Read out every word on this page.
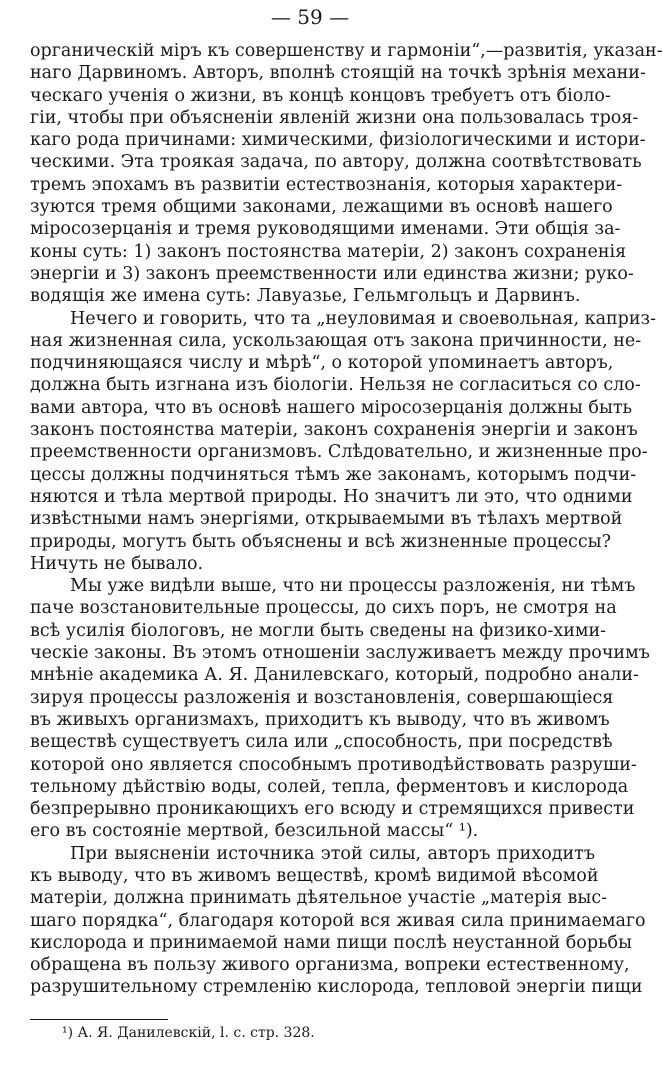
— 59 —
органическій міръ къ совершенству и гармоніи“,—развитія, указан-
наго Дарвиномъ. Авторъ, вполнѣ стоящій на точкѣ зрѣнія механи-
ческаго ученія о жизни, въ концѣ концовъ требуетъ отъ біоло-
гіи, чтобы при объясненіи явленій жизни она пользовалась троя-
каго рода причинами: химическими, физіологическими и истори-
ческими. Эта троякая задача, по автору, должна соотвѣтствовать
тремъ эпохамъ въ развитіи естествознанія, которыя характери-
зуются тремя общими законами, лежащими въ основѣ нашего
міросозерцанія и тремя руководящими именами. Эти общія за-
коны суть: 1) законъ постоянства матеріи, 2) законъ сохраненія
энергіи и 3) законъ преемственности или единства жизни; руко-
водящія же имена суть: Лавуазье, Гельмгольцъ и Дарвинъ.
Нечего и говорить, что та „неуловимая и своевольная, каприз-
ная жизненная сила, ускользающая отъ закона причинности, не-
подчиняющаяся числу и мѣрѣ“, о которой упоминаетъ авторъ,
должна быть изгнана изъ біологіи. Нельзя не согласиться со сло-
вами автора, что въ основѣ нашего міросозерцанія должны быть
законъ постоянства матеріи, законъ сохраненія энергіи и законъ
преемственности организмовъ. Слѣдовательно, и жизненные про-
цессы должны подчиняться тѣмъ же законамъ, которымъ подчи-
няются и тѣла мертвой природы. Но значитъ ли это, что одними
извѣстными намъ энергіями, открываемыми въ тѣлахъ мертвой
природы, могутъ быть объяснены и всѣ жизненные процессы?
Ничуть не бывало.
Мы уже видѣли выше, что ни процессы разложенія, ни тѣмъ
паче возстановительные процессы, до сихъ поръ, не смотря на
всѣ усилія біологовъ, не могли быть сведены на физико-хими-
ческіе законы. Въ этомъ отношеніи заслуживаетъ между прочимъ
мнѣніе академика А. Я. Данилевскаго, который, подробно анали-
зируя процессы разложенія и возстановленія, совершающіеся
въ живыхъ организмахъ, приходитъ къ выводу, что въ живомъ
веществѣ существуетъ сила или „способность, при посредствѣ
которой оно является способнымъ противодѣйствовать разруши-
тельному дѣйствію воды, солей, тепла, ферментовъ и кислорода
безпрерывно проникающихъ его всюду и стремящихся привести
его въ состояніе мертвой, безсильной массы“ ¹).
При выясненіи источника этой силы, авторъ приходитъ
къ выводу, что въ живомъ веществѣ, кромѣ видимой вѣсомой
матеріи, должна принимать дѣятельное участіе „матерія выс-
шаго порядка“, благодаря которой вся живая сила принимаемаго
кислорода и принимаемой нами пищи послѣ неустанной борьбы
обращена въ пользу живого организма, вопреки естественному,
разрушительному стремленію кислорода, тепловой энергіи пищи
¹) А. Я. Данилевскій, l. c. стр. 328.
